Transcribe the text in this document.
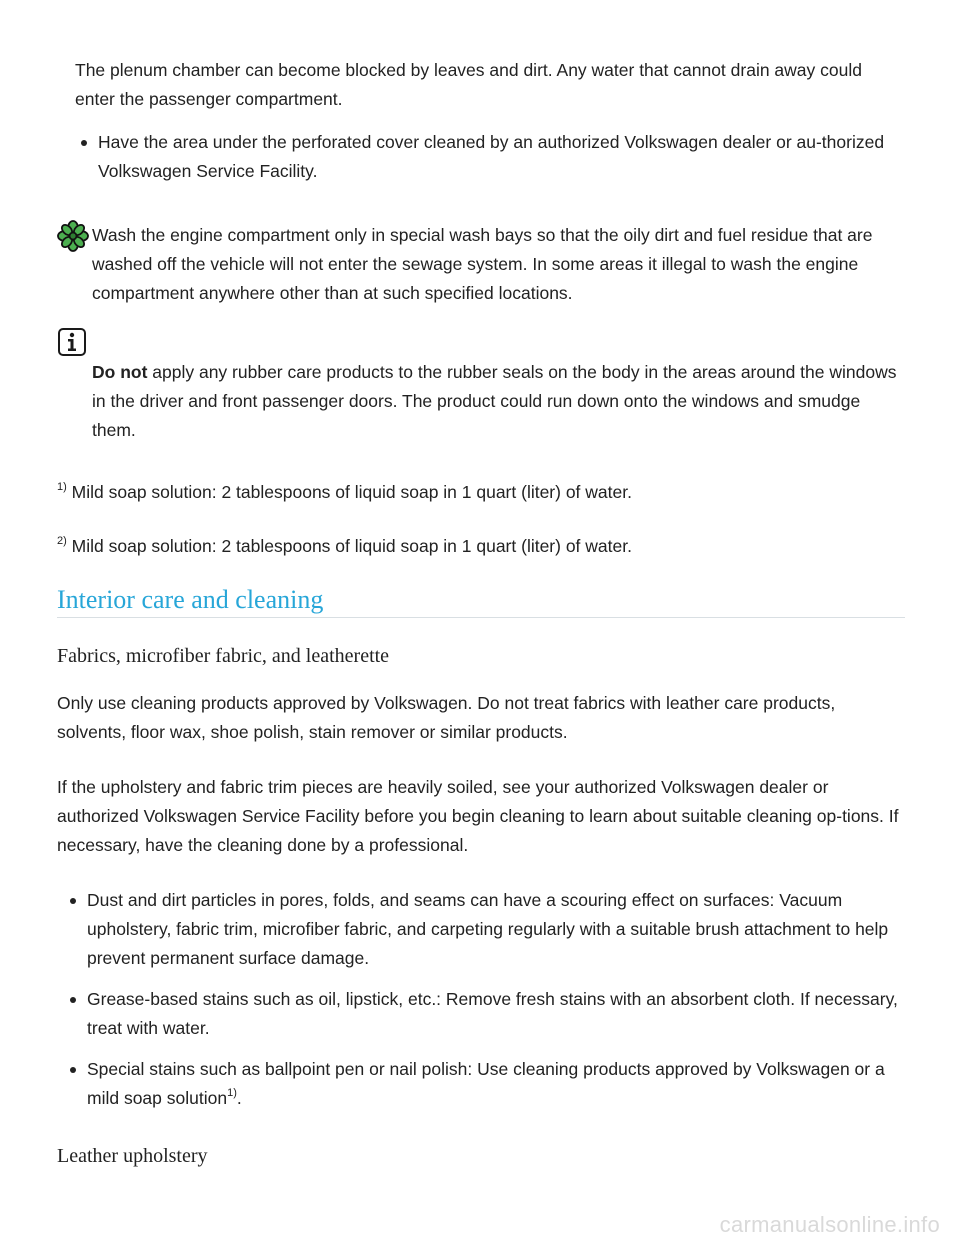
The plenum chamber can become blocked by leaves and dirt. Any water that cannot drain away could enter the passenger compartment.
Have the area under the perforated cover cleaned by an authorized Volkswagen dealer or au-thorized Volkswagen Service Facility.
Wash the engine compartment only in special wash bays so that the oily dirt and fuel residue that are washed off the vehicle will not enter the sewage system. In some areas it illegal to wash the engine compartment anywhere other than at such specified locations.
Do not apply any rubber care products to the rubber seals on the body in the areas around the windows in the driver and front passenger doors. The product could run down onto the windows and smudge them.
$^{1)}$ Mild soap solution: 2 tablespoons of liquid soap in 1 quart (liter) of water.
$^{2)}$ Mild soap solution: 2 tablespoons of liquid soap in 1 quart (liter) of water.
Interior care and cleaning
Fabrics, microfiber fabric, and leatherette
Only use cleaning products approved by Volkswagen. Do not treat fabrics with leather care products, solvents, floor wax, shoe polish, stain remover or similar products.
If the upholstery and fabric trim pieces are heavily soiled, see your authorized Volkswagen dealer or authorized Volkswagen Service Facility before you begin cleaning to learn about suitable cleaning op-tions. If necessary, have the cleaning done by a professional.
Dust and dirt particles in pores, folds, and seams can have a scouring effect on surfaces: Vacuum upholstery, fabric trim, microfiber fabric, and carpeting regularly with a suitable brush attachment to help prevent permanent surface damage.
Grease-based stains such as oil, lipstick, etc.: Remove fresh stains with an absorbent cloth. If necessary, treat with water.
Special stains such as ballpoint pen or nail polish: Use cleaning products approved by Volkswagen or a mild soap solution$^{1)}$.
Leather upholstery
carmanualsonline.info
